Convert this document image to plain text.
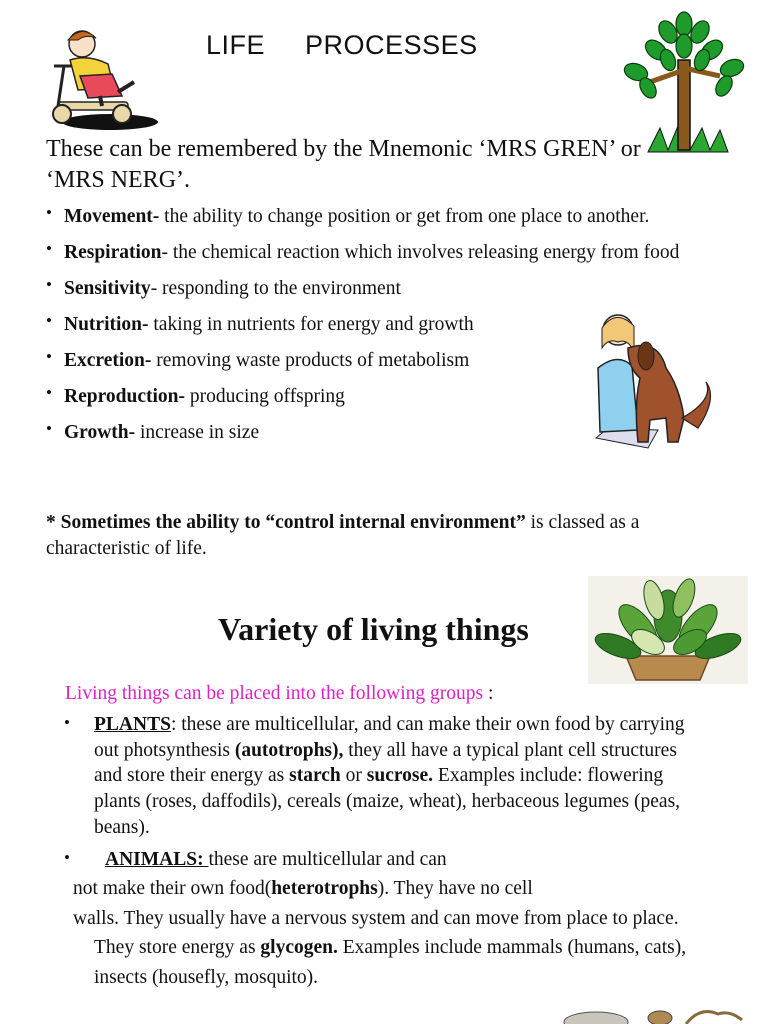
LIFE PROCESSES
These can be remembered by the Mnemonic ‘MRS GREN’ or
‘MRS NERG’.
• Movement- the ability to change position or get from one place to another.
• Respiration- the chemical reaction which involves releasing energy from food
• Sensitivity- responding to the environment
• Nutrition- taking in nutrients for energy and growth
• Excretion- removing waste products of metabolism
• Reproduction- producing offspring
• Growth- increase in size
* Sometimes the ability to “control internal environment” is classed as a characteristic of life.
Variety of living things
Living things can be placed into the following groups :
• PLANTS: these are multicellular, and can make their own food by carrying out photsynthesis (autotrophs), they all have a typical plant cell structures and store their energy as starch or sucrose. Examples include: flowering plants (roses, daffodils), cereals (maize, wheat), herbaceous legumes (peas, beans).
• ANIMALS: these are multicellular and can
not make their own food(heterotrophs). They have no cell
walls. They usually have a nervous system and can move from place to place. They store energy as glycogen. Examples include mammals (humans, cats), insects (housefly, mosquito).
